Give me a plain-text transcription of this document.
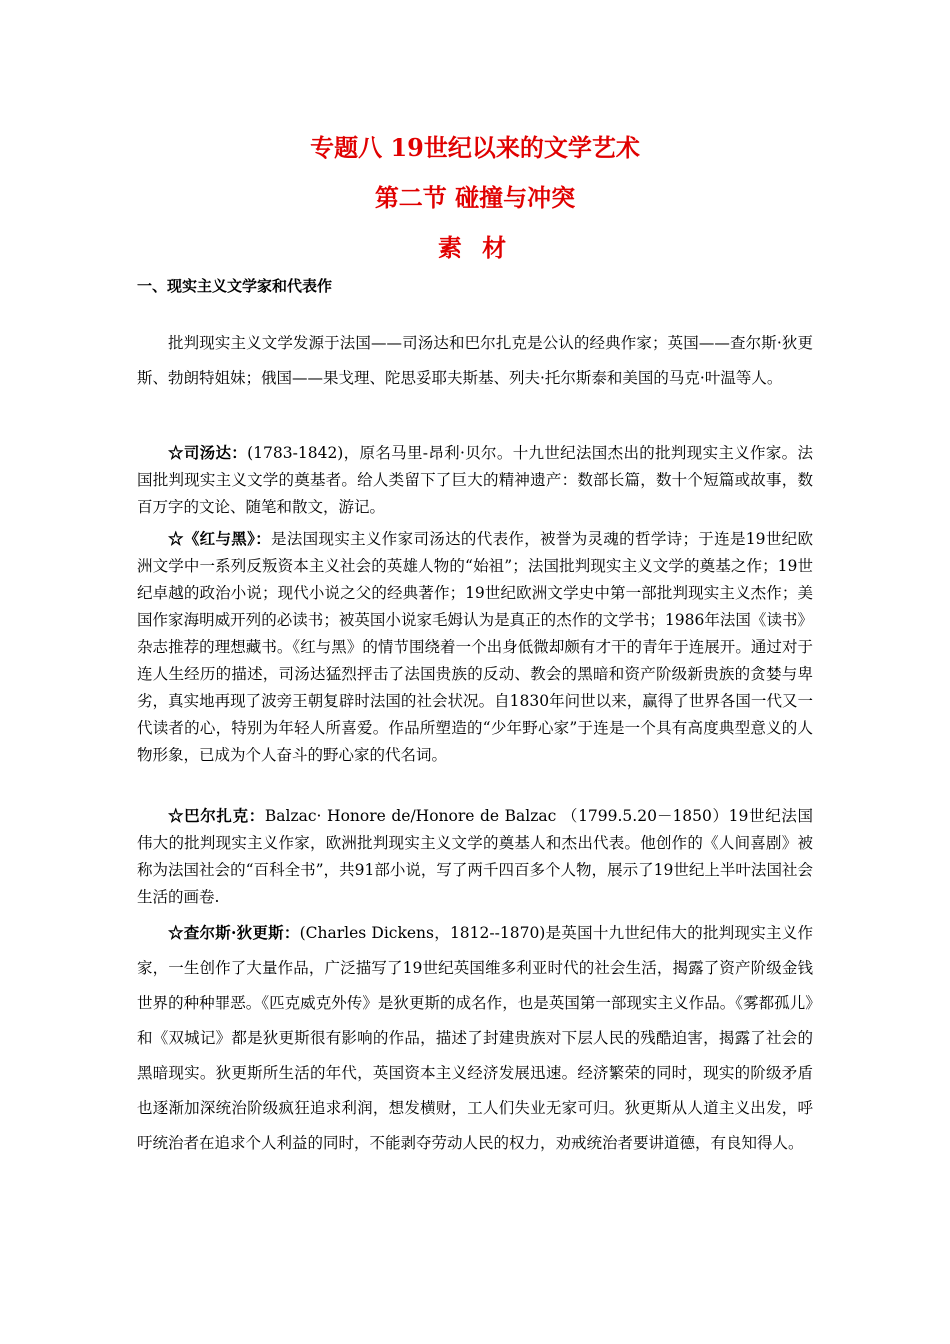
专题八 19世纪以来的文学艺术
第二节 碰撞与冲突
素 材
一、现实主义文学家和代表作

批判现实主义文学发源于法国——司汤达和巴尔扎克是公认的经典作家；英国——查尔斯·狄更斯、勃朗特姐妹；俄国——果戈理、陀思妥耶夫斯基、列夫·托尔斯泰和美国的马克·叶温等人。

☆司汤达：(1783-1842)，原名马里-昂利·贝尔。十九世纪法国杰出的批判现实主义作家。法国批判现实主义文学的奠基者。给人类留下了巨大的精神遗产：数部长篇，数十个短篇或故事，数百万字的文论、随笔和散文，游记。

☆《红与黑》：是法国现实主义作家司汤达的代表作，被誉为灵魂的哲学诗；于连是19世纪欧洲文学中一系列反叛资本主义社会的英雄人物的“始祖”；法国批判现实主义文学的奠基之作；19世纪卓越的政治小说；现代小说之父的经典著作；19世纪欧洲文学史中第一部批判现实主义杰作；美国作家海明威开列的必读书；被英国小说家毛姆认为是真正的杰作的文学书；1986年法国《读书》杂志推荐的理想藏书。《红与黑》的情节围绕着一个出身低微却颇有才干的青年于连展开。通过对于连人生经历的描述，司汤达猛烈抨击了法国贵族的反动、教会的黑暗和资产阶级新贵族的贪婪与卑劣，真实地再现了波旁王朝复辟时法国的社会状况。自1830年问世以来，赢得了世界各国一代又一代读者的心，特别为年轻人所喜爱。作品所塑造的“少年野心家”于连是一个具有高度典型意义的人物形象，已成为个人奋斗的野心家的代名词。

☆巴尔扎克：Balzac· Honore de/Honore de Balzac （1799.5.20－1850）19世纪法国伟大的批判现实主义作家，欧洲批判现实主义文学的奠基人和杰出代表。他创作的《人间喜剧》被称为法国社会的“百科全书”，共91部小说，写了两千四百多个人物，展示了19世纪上半叶法国社会生活的画卷.

☆查尔斯·狄更斯：(Charles Dickens，1812--1870)是英国十九世纪伟大的批判现实主义作家，一生创作了大量作品，广泛描写了19世纪英国维多利亚时代的社会生活，揭露了资产阶级金钱世界的种种罪恶。《匹克威克外传》是狄更斯的成名作，也是英国第一部现实主义作品。《雾都孤儿》和《双城记》都是狄更斯很有影响的作品，描述了封建贵族对下层人民的残酷迫害，揭露了社会的黑暗现实。狄更斯所生活的年代，英国资本主义经济发展迅速。经济繁荣的同时，现实的阶级矛盾也逐渐加深统治阶级疯狂追求利润，想发横财，工人们失业无家可归。狄更斯从人道主义出发，呼吁统治者在追求个人利益的同时，不能剥夺劳动人民的权力，劝戒统治者要讲道德，有良知得人。
